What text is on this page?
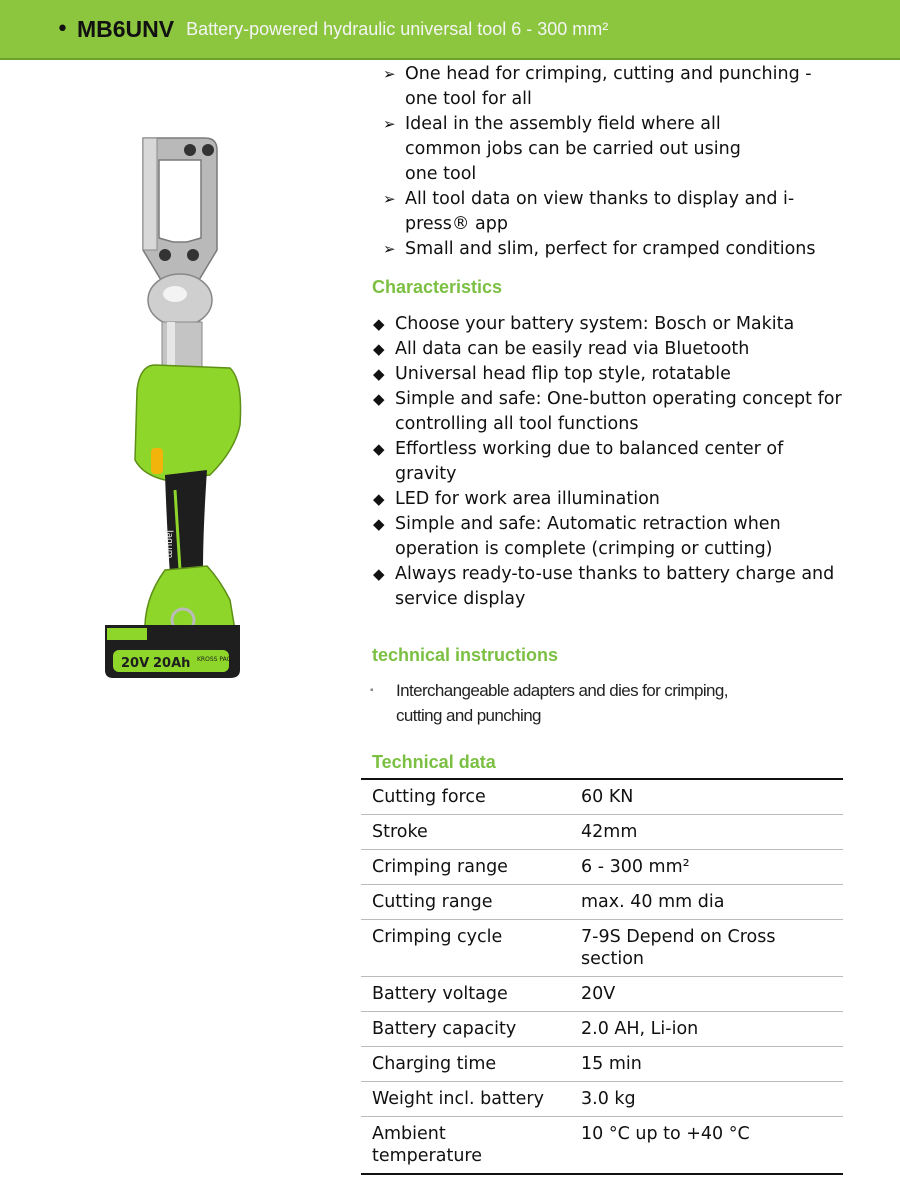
• MB6UNV Battery-powered hydraulic universal tool 6 - 300 mm²
Jagum
20V 20Ah KROSS PACK
➢ One head for crimping, cutting and punching -
one tool for all
➢ Ideal in the assembly field where all
common jobs can be carried out using
one tool
➢ All tool data on view thanks to display and i-
press® app
➢ Small and slim, perfect for cramped conditions
Characteristics
◆ Choose your battery system: Bosch or Makita
◆ All data can be easily read via Bluetooth
◆ Universal head flip top style, rotatable
◆ Simple and safe: One-button operating concept for
controlling all tool functions
◆ Effortless working due to balanced center of
gravity
◆ LED for work area illumination
◆ Simple and safe: Automatic retraction when
operation is complete (crimping or cutting)
◆ Always ready-to-use thanks to battery charge and
service display
technical instructions
▪ Interchangeable adapters and dies for crimping,
cutting and punching
Technical data
Cutting force	60 KN

Stroke	42mm

Crimping range	6 - 300 mm²

Cutting range	max. 40 mm dia

Crimping cycle	7-9S Depend on Cross
section

Battery voltage	20V

Battery capacity	2.0 AH, Li-ion

Charging time	15 min

Weight incl. battery	3.0 kg

Ambient
temperature	10 °C up to +40 °C
